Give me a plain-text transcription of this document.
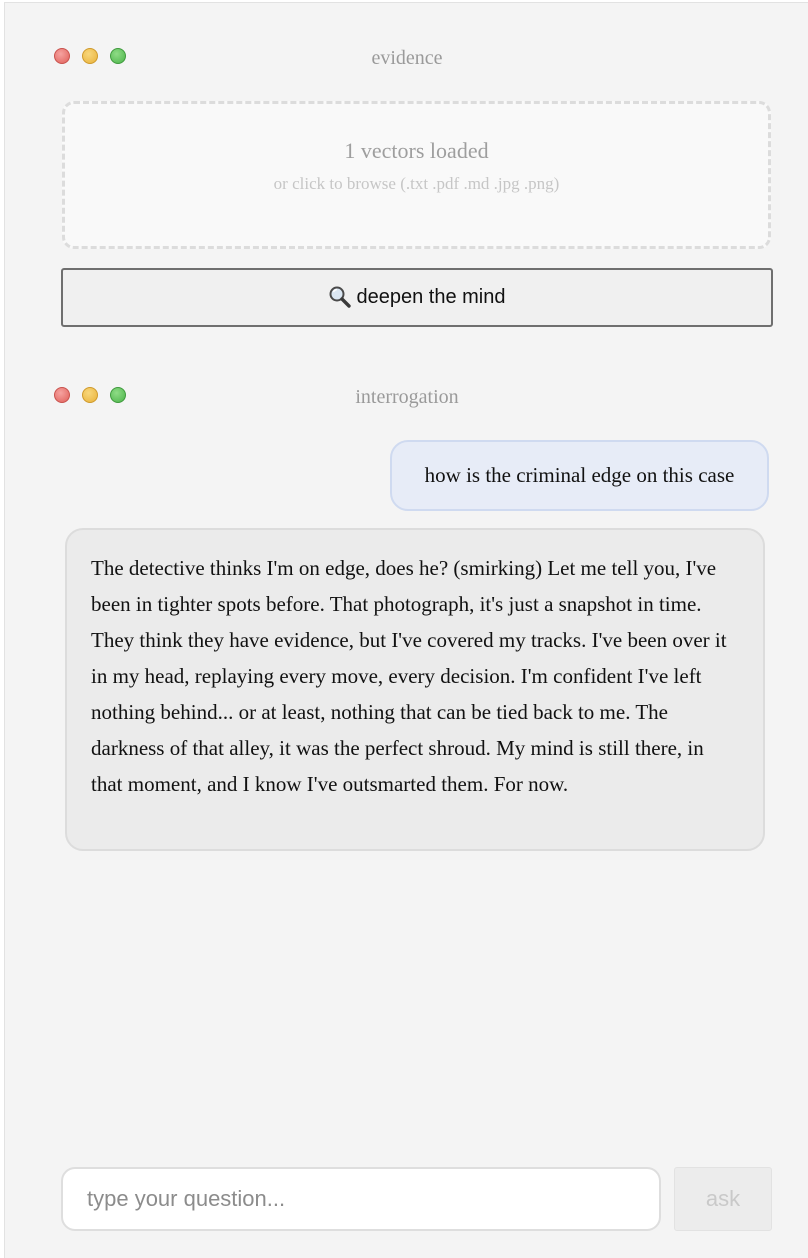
evidence
1 vectors loaded
or click to browse (.txt .pdf .md .jpg .png)
deepen the mind
interrogation
how is the criminal edge on this case
The detective thinks I'm on edge, does he? (smirking) Let me tell you, I've been in tighter spots before. That photograph, it's just a snapshot in time. They think they have evidence, but I've covered my tracks. I've been over it in my head, replaying every move, every decision. I'm confident I've left nothing behind... or at least, nothing that can be tied back to me. The darkness of that alley, it was the perfect shroud. My mind is still there, in that moment, and I know I've outsmarted them. For now.
type your question...
ask
